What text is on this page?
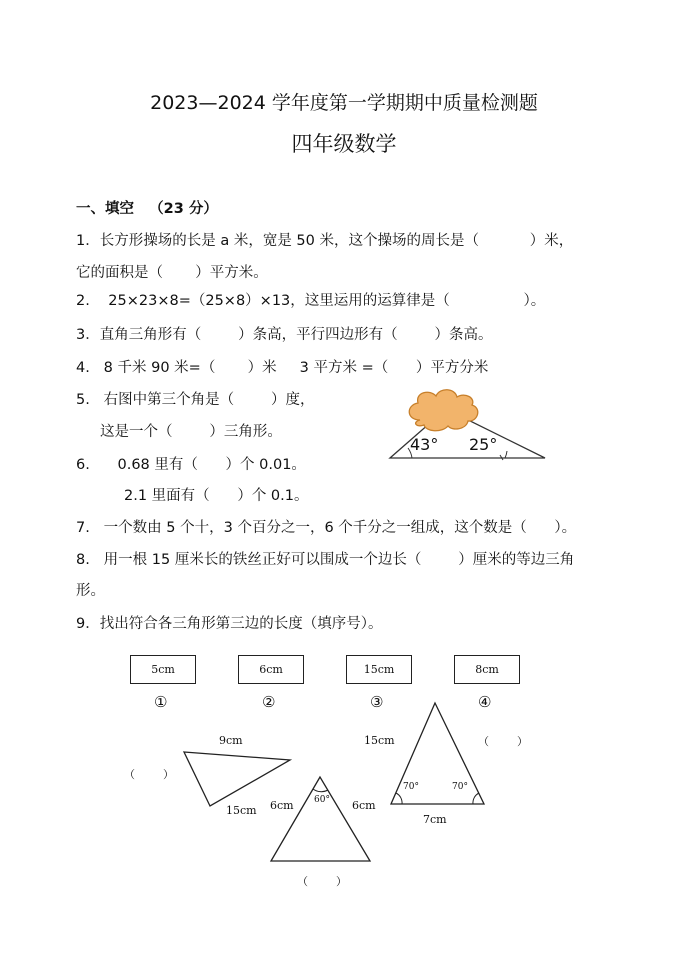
2023—2024 学年度第一学期期中质量检测题
四年级数学
一、填空   （23 分）
1．长方形操场的长是 a 米，宽是 50 米，这个操场的周长是（           ）米，
它的面积是（       ）平方米。
2.    25×23×8=（25×8）×13，这里运用的运算律是（                ）。
3．直角三角形有（        ）条高，平行四边形有（        ）条高。
4.   8 千米 90 米=（       ）米     3 平方米 =（      ）平方分米
5.   右图中第三个角是（        ）度，
这是一个（        ）三角形。
6.      0.68 里有（      ）个 0.01。
2.1 里面有（      ）个 0.1。
7.   一个数由 5 个十，3 个百分之一，6 个千分之一组成，这个数是（      ）。
8.   用一根 15 厘米长的铁丝正好可以围成一个边长（        ）厘米的等边三角
形。
9．找出符合各三角形第三边的长度（填序号）。
43° 25°
5cm	6cm	15cm	8cm
①	②	③	④
9cm
15cm
（        ）
6cm	6cm
60°
（        ）
15cm
70°	70°
7cm
（        ）
